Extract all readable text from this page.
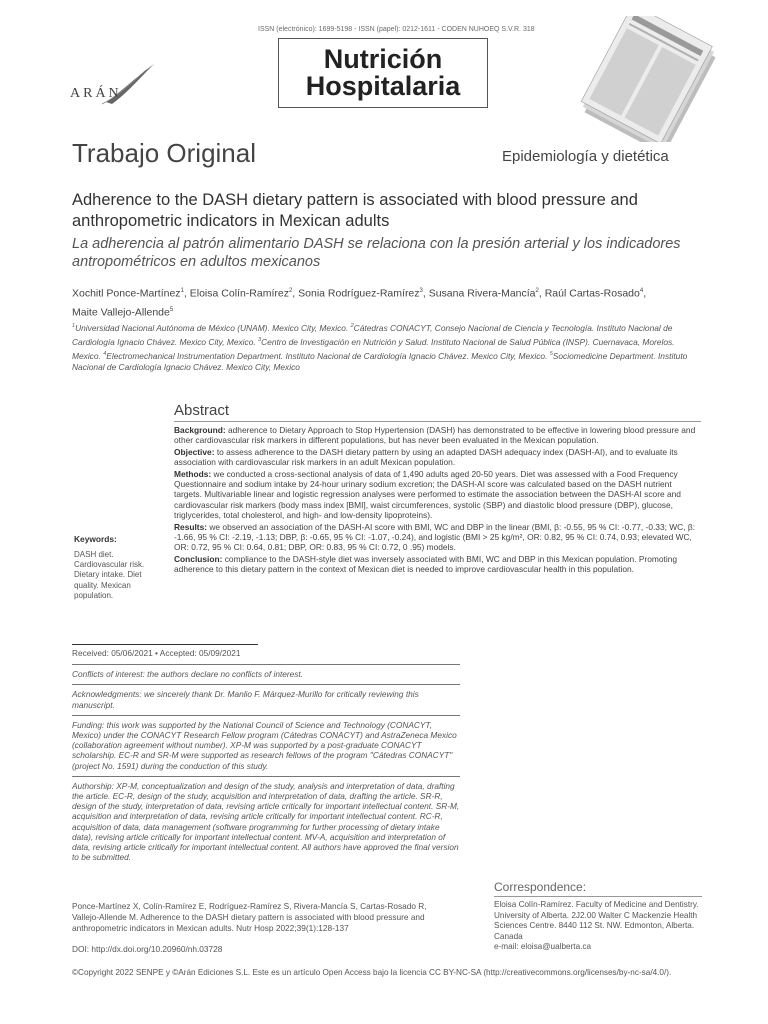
ISSN (electrónico): 1699-5198 - ISSN (papel): 0212-1611 - CODEN NUHOEQ S.V.R. 318
Nutrición
Hospitalaria
ARÁN
Trabajo Original	Epidemiología y dietética
Adherence to the DASH dietary pattern is associated with blood pressure and anthropometric indicators in Mexican adults
La adherencia al patrón alimentario DASH se relaciona con la presión arterial y los indicadores antropométricos en adultos mexicanos
Xochitl Ponce-Martínez$^1$, Eloisa Colín-Ramírez$^2$, Sonia Rodríguez-Ramírez$^3$, Susana Rivera-Mancía$^2$, Raúl Cartas-Rosado$^4$,
Maite Vallejo-Allende$^5$
$^1$Universidad Nacional Autónoma de México (UNAM). Mexico City, Mexico. $^2$Cátedras CONACYT, Consejo Nacional de Ciencia y Tecnología. Instituto Nacional de Cardiología Ignacio Chávez. Mexico City, Mexico. $^3$Centro de Investigación en Nutrición y Salud. Instituto Nacional de Salud Pública (INSP). Cuernavaca, Morelos. Mexico. $^4$Electromechanical Instrumentation Department. Instituto Nacional de Cardiología Ignacio Chávez. Mexico City, Mexico. $^5$Sociomedicine Department. Instituto Nacional de Cardiología Ignacio Chávez. Mexico City, Mexico
Abstract

Background: adherence to Dietary Approach to Stop Hypertension (DASH) has demonstrated to be effective in lowering blood pressure and other cardiovascular risk markers in different populations, but has never been evaluated in the Mexican population.

Objective: to assess adherence to the DASH dietary pattern by using an adapted DASH adequacy index (DASH-AI), and to evaluate its association with cardiovascular risk markers in an adult Mexican population.

Methods: we conducted a cross-sectional analysis of data of 1,490 adults aged 20-50 years. Diet was assessed with a Food Frequency Questionnaire and sodium intake by 24-hour urinary sodium excretion; the DASH-AI score was calculated based on the DASH nutrient targets. Multivariable linear and logistic regression analyses were performed to estimate the association between the DASH-AI score and cardiovascular risk markers (body mass index [BMI], waist circumferences, systolic (SBP) and diastolic blood pressure (DBP), glucose, triglycerides, total cholesterol, and high- and low-density lipoproteins).

Results: we observed an association of the DASH-AI score with BMI, WC and DBP in the linear (BMI, β: -0.55, 95 % CI: -0.77, -0.33; WC, β: -1.66, 95 % CI: -2.19, -1.13; DBP, β: -0.65, 95 % CI: -1.07, -0.24), and logistic (BMI > 25 kg/m², OR: 0.82, 95 % CI: 0.74, 0.93; elevated WC, OR: 0.72, 95 % CI: 0.64, 0.81; DBP, OR: 0.83, 95 % CI: 0.72, 0 .95) models.

Conclusion: compliance to the DASH-style diet was inversely associated with BMI, WC and DBP in this Mexican population. Promoting adherence to this dietary pattern in the context of Mexican diet is needed to improve cardiovascular health in this population.

Keywords:
DASH diet. Cardiovascular risk. Dietary intake. Diet quality. Mexican population.
Received: 05/06/2021 • Accepted: 05/09/2021
Conflicts of interest: the authors declare no conflicts of interest.
Acknowledgments: we sincerely thank Dr. Manlio F. Márquez-Murillo for critically reviewing this manuscript.
Funding: this work was supported by the National Council of Science and Technology (CONACYT, Mexico) under the CONACYT Research Fellow program (Cátedras CONACYT) and AstraZeneca Mexico (collaboration agreement without number). XP-M was supported by a post-graduate CONACYT scholarship. EC-R and SR-M were supported as research fellows of the program "Cátedras CONACYT" (project No. 1591) during the conduction of this study.
Authorship: XP-M, conceptualization and design of the study, analysis and interpretation of data, drafting the article. EC-R, design of the study, acquisition and interpretation of data, drafting the article. SR-R, design of the study, interpretation of data, revising article critically for important intellectual content. SR-M, acquisition and interpretation of data, revising article critically for important intellectual content. RC-R, acquisition of data, data management (software programming for further processing of dietary intake data), revising article critically for important intellectual content. MV-A, acquisition and interpretation of data, revising article critically for important intellectual content. All authors have approved the final version to be submitted.
Ponce-Martínez X, Colín-Ramírez E, Rodríguez-Ramírez S, Rivera-Mancía S, Cartas-Rosado R, Vallejo-Allende M. Adherence to the DASH dietary pattern is associated with blood pressure and anthropometric indicators in Mexican adults. Nutr Hosp 2022;39(1):128-137
DOI: http://dx.doi.org/10.20960/nh.03728
Correspondence:
Eloisa Colín-Ramírez. Faculty of Medicine and Dentistry. University of Alberta. 2J2.00 Walter C Mackenzie Health Sciences Centre. 8440 112 St. NW. Edmonton, Alberta. Canada
e-mail: eloisa@ualberta.ca
©Copyright 2022 SENPE y ©Arán Ediciones S.L. Este es un artículo Open Access bajo la licencia CC BY-NC-SA (http://creativecommons.org/licenses/by-nc-sa/4.0/).
